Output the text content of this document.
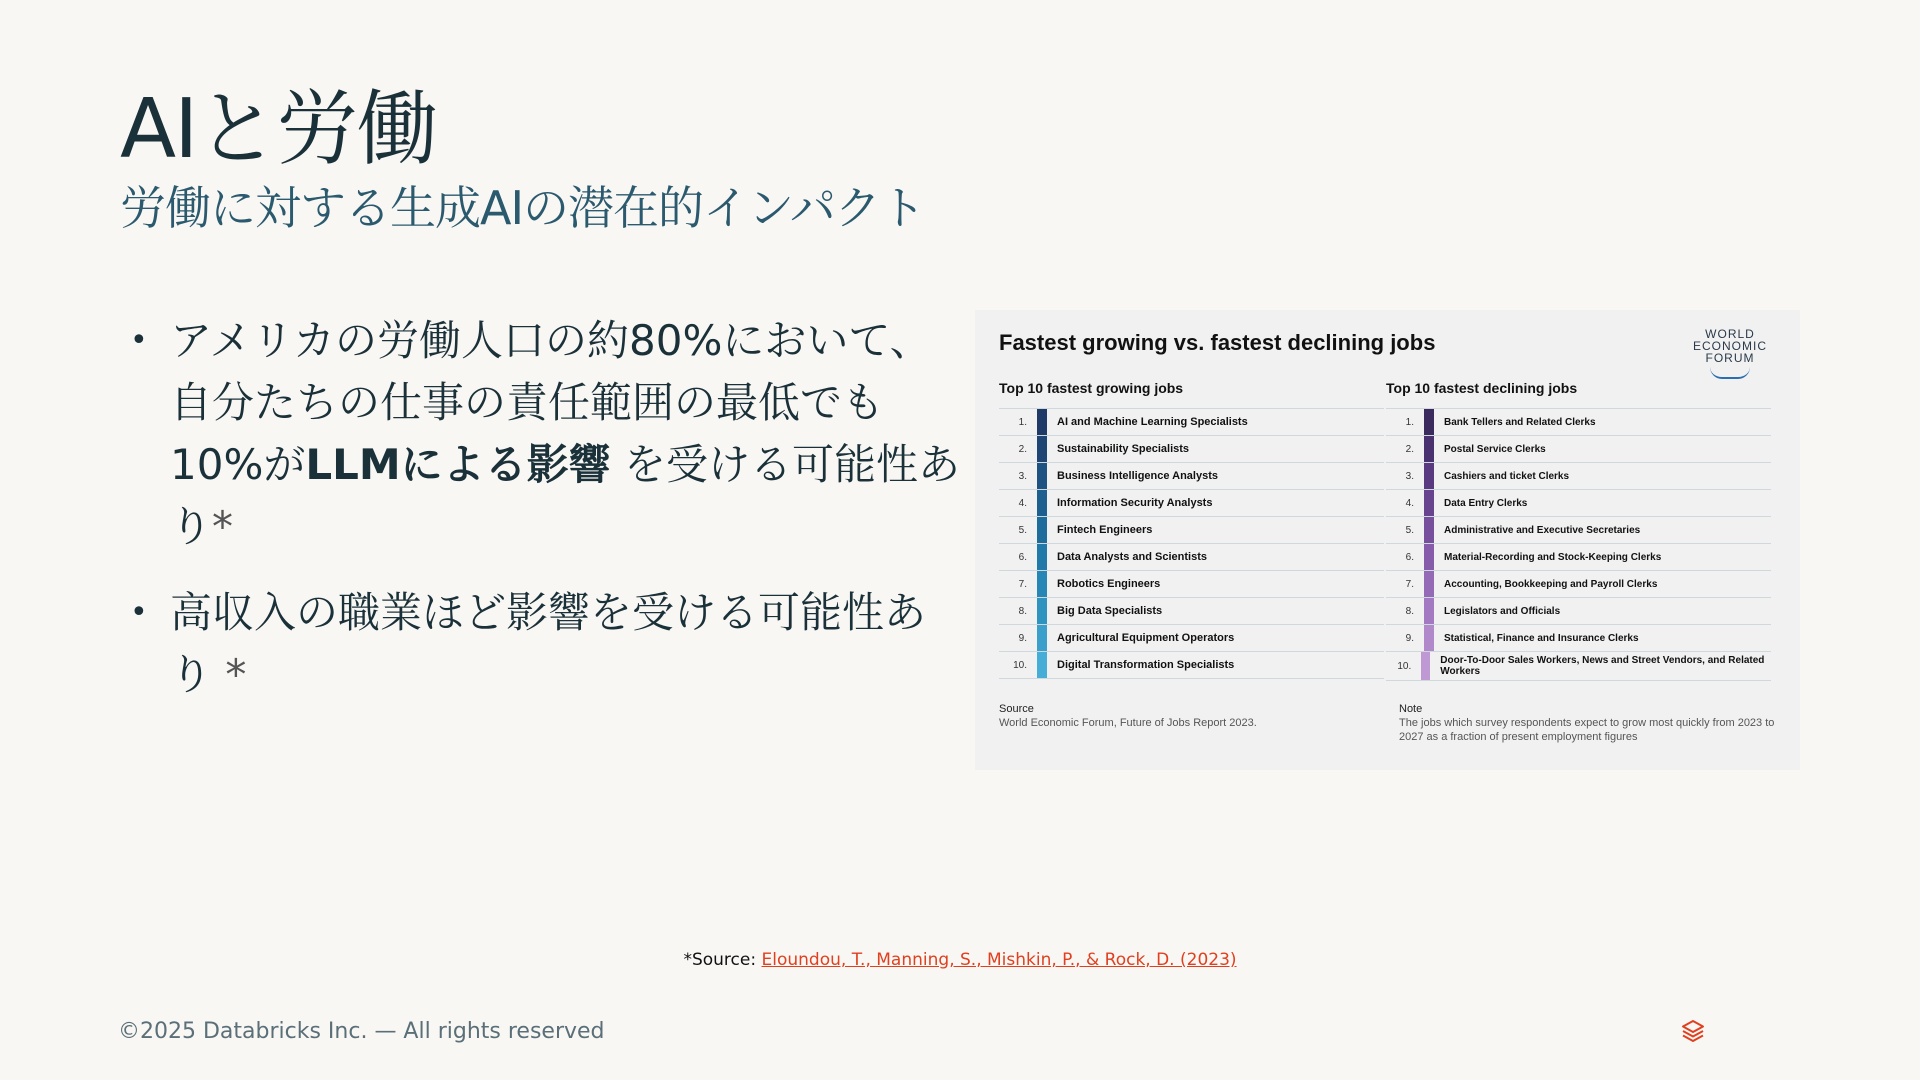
AIと労働
労働に対する生成AIの潜在的インパクト
• アメリカの労働人口の約80%において、自分たちの仕事の責任範囲の最低でも10%がLLMによる影響 を受ける可能性あり*
• 高収入の職業ほど影響を受ける可能性あり *
Fastest growing vs. fastest declining jobs	WORLD
ECONOMIC
FORUM
Top 10 fastest growing jobs
1.	AI and Machine Learning Specialists
2.	Sustainability Specialists
3.	Business Intelligence Analysts
4.	Information Security Analysts
5.	Fintech Engineers
6.	Data Analysts and Scientists
7.	Robotics Engineers
8.	Big Data Specialists
9.	Agricultural Equipment Operators
10.	Digital Transformation Specialists
Top 10 fastest declining jobs
1.	Bank Tellers and Related Clerks
2.	Postal Service Clerks
3.	Cashiers and ticket Clerks
4.	Data Entry Clerks
5.	Administrative and Executive Secretaries
6.	Material-Recording and Stock-Keeping Clerks
7.	Accounting, Bookkeeping and Payroll Clerks
8.	Legislators and Officials
9.	Statistical, Finance and Insurance Clerks
10.	Door-To-Door Sales Workers, News and Street Vendors, and Related Workers
Source
World Economic Forum, Future of Jobs Report 2023.
Note
The jobs which survey respondents expect to grow most quickly from 2023 to 2027 as a fraction of present employment figures
*Source: Eloundou, T., Manning, S., Mishkin, P., & Rock, D. (2023)
©2025 Databricks Inc. — All rights reserved
